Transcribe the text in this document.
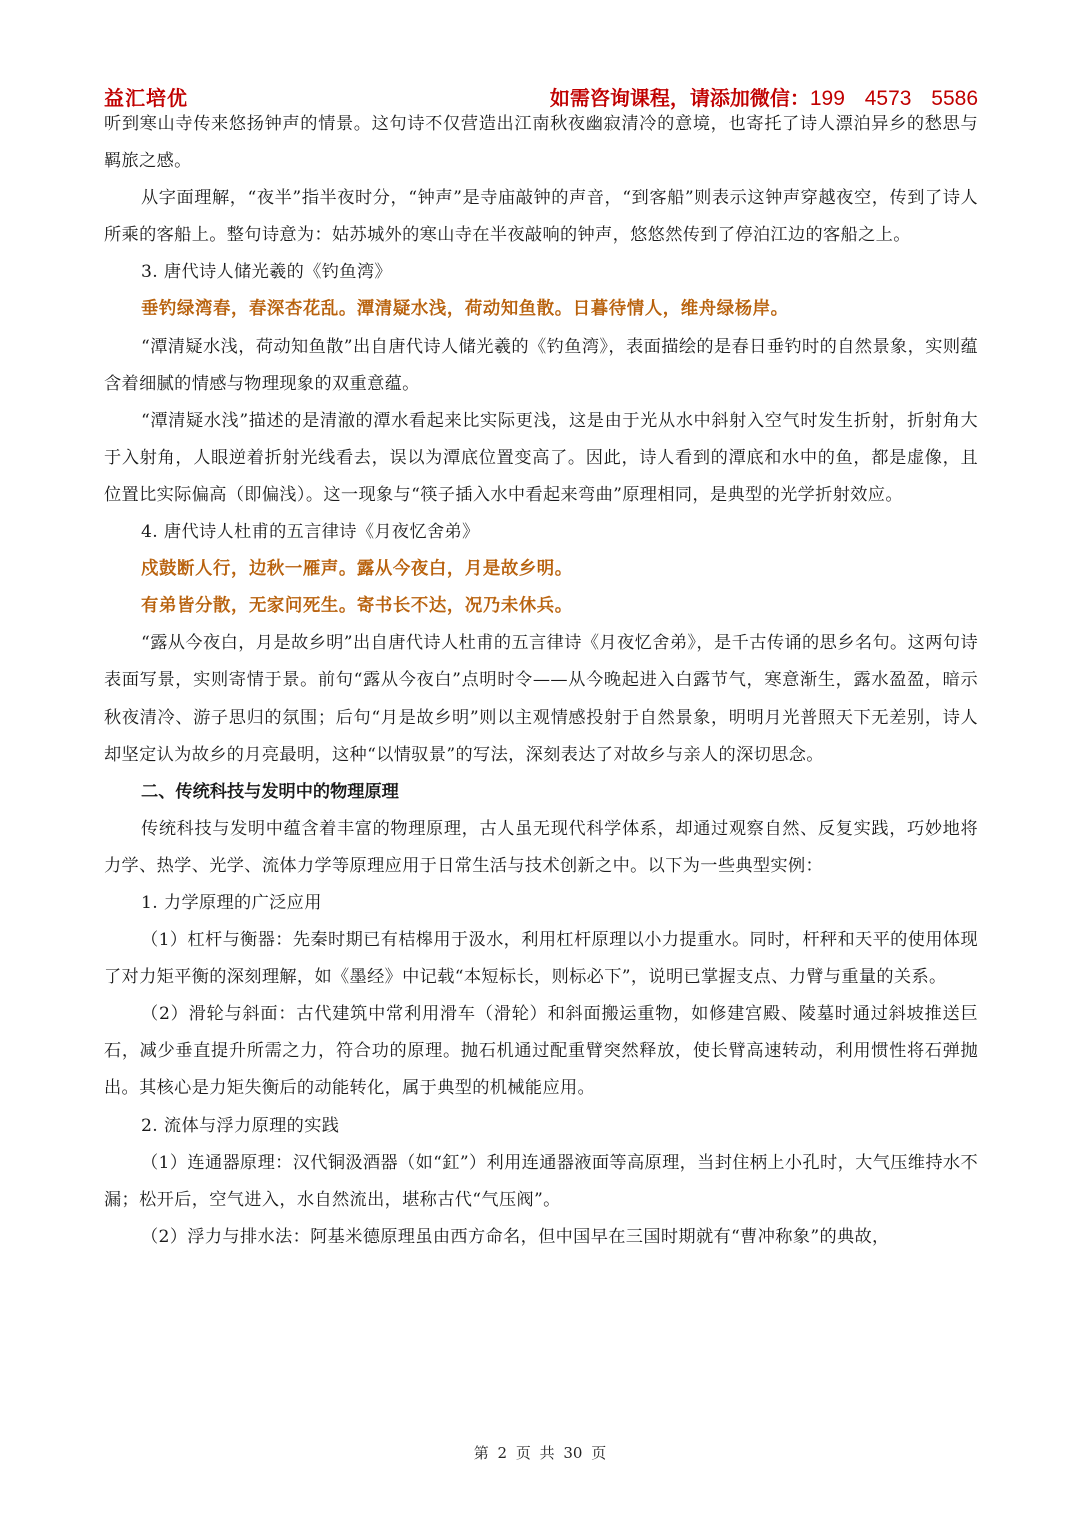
益汇培优	如需咨询课程，请添加微信：199 4573 5586

听到寒山寺传来悠扬钟声的情景。这句诗不仅营造出江南秋夜幽寂清冷的意境，也寄托了诗人漂泊异乡的愁思与羁旅之感。

从字面理解，“夜半”指半夜时分，“钟声”是寺庙敲钟的声音，“到客船”则表示这钟声穿越夜空，传到了诗人所乘的客船上。整句诗意为：姑苏城外的寒山寺在半夜敲响的钟声，悠悠然传到了停泊江边的客船之上。

3. 唐代诗人储光羲的《钓鱼湾》

垂钓绿湾春，春深杏花乱。潭清疑水浅，荷动知鱼散。日暮待情人，维舟绿杨岸。

“潭清疑水浅，荷动知鱼散”出自唐代诗人储光羲的《钓鱼湾》，表面描绘的是春日垂钓时的自然景象，实则蕴含着细腻的情感与物理现象的双重意蕴。

“潭清疑水浅”描述的是清澈的潭水看起来比实际更浅，这是由于光从水中斜射入空气时发生折射，折射角大于入射角，人眼逆着折射光线看去，误以为潭底位置变高了。因此，诗人看到的潭底和水中的鱼，都是虚像，且位置比实际偏高（即偏浅）。这一现象与“筷子插入水中看起来弯曲”原理相同，是典型的光学折射效应。

4. 唐代诗人杜甫的五言律诗《月夜忆舍弟》

戍鼓断人行，边秋一雁声。露从今夜白，月是故乡明。

有弟皆分散，无家问死生。寄书长不达，况乃未休兵。

“露从今夜白，月是故乡明”出自唐代诗人杜甫的五言律诗《月夜忆舍弟》，是千古传诵的思乡名句。这两句诗表面写景，实则寄情于景。前句“露从今夜白”点明时令——从今晚起进入白露节气，寒意渐生，露水盈盈，暗示秋夜清冷、游子思归的氛围；后句“月是故乡明”则以主观情感投射于自然景象，明明月光普照天下无差别，诗人却坚定认为故乡的月亮最明，这种“以情驭景”的写法，深刻表达了对故乡与亲人的深切思念。

二、传统科技与发明中的物理原理

传统科技与发明中蕴含着丰富的物理原理，古人虽无现代科学体系，却通过观察自然、反复实践，巧妙地将力学、热学、光学、流体力学等原理应用于日常生活与技术创新之中。以下为一些典型实例：

1. 力学原理的广泛应用

（1）杠杆与衡器：先秦时期已有桔槔用于汲水，利用杠杆原理以小力提重水。同时，杆秤和天平的使用体现了对力矩平衡的深刻理解，如《墨经》中记载“本短标长，则标必下”，说明已掌握支点、力臂与重量的关系。

（2）滑轮与斜面：古代建筑中常利用滑车（滑轮）和斜面搬运重物，如修建宫殿、陵墓时通过斜坡推送巨石，减少垂直提升所需之力，符合功的原理。抛石机通过配重臂突然释放，使长臂高速转动，利用惯性将石弹抛出。其核心是力矩失衡后的动能转化，属于典型的机械能应用。

2. 流体与浮力原理的实践

（1）连通器原理：汉代铜汲酒器（如“釭”）利用连通器液面等高原理，当封住柄上小孔时，大气压维持水不漏；松开后，空气进入，水自然流出，堪称古代“气压阀”。

（2）浮力与排水法：阿基米德原理虽由西方命名，但中国早在三国时期就有“曹冲称象”的典故，

第 2 页 共 30 页
